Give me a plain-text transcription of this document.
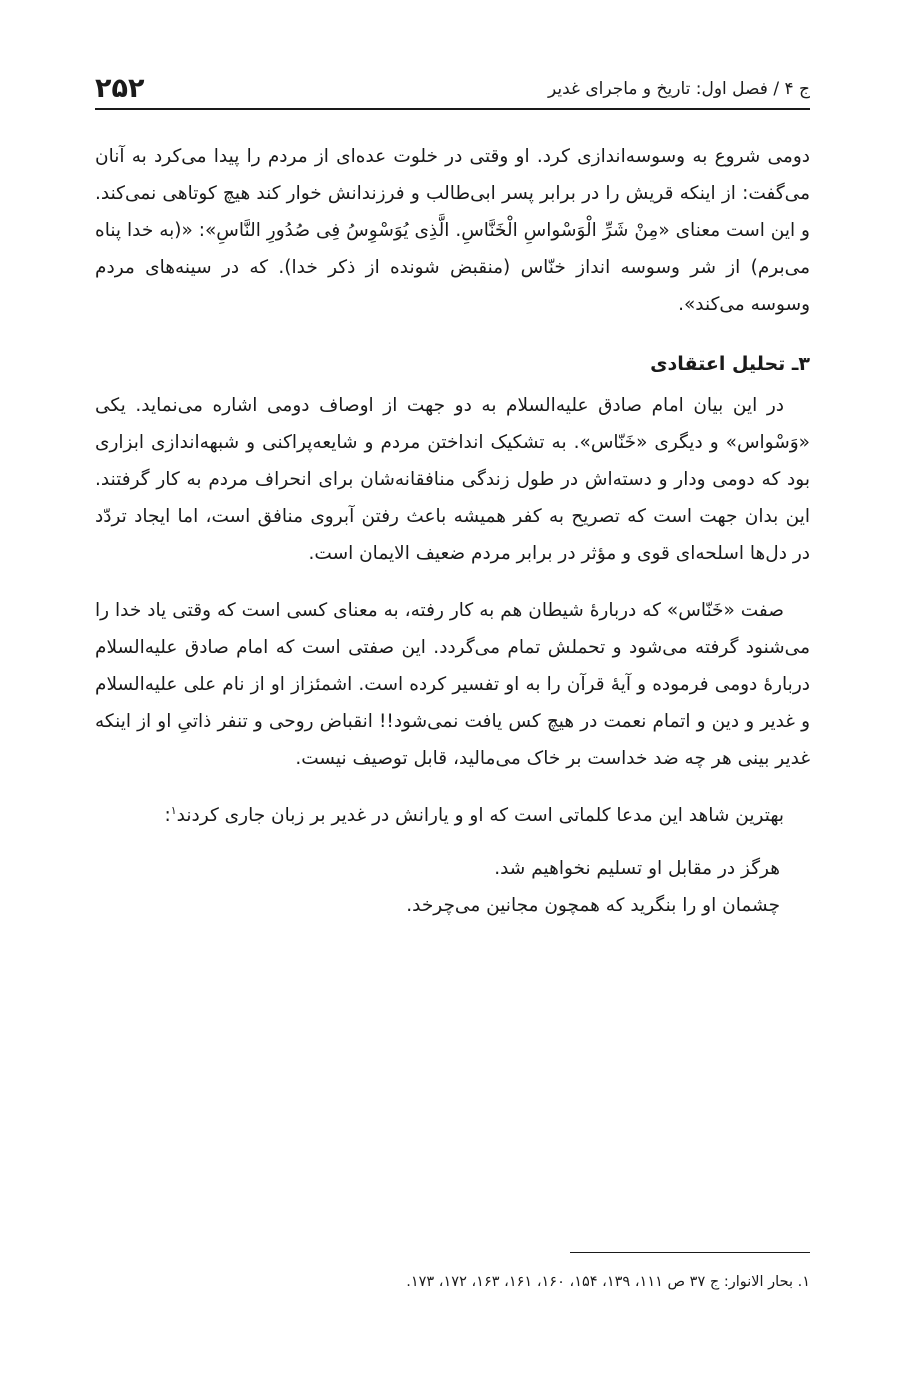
ج ۴ / فصل اول: تاریخ و ماجرای غدیر
۲۵۲

دومی شروع به وسوسه‌اندازی کرد. او وقتی در خلوت عده‌ای از مردم را پیدا می‌کرد به آنان می‌گفت: از اینکه قریش را در برابر پسر ابی‌طالب و فرزندانش خوار کند هیچ کوتاهی نمی‌کند. و این است معنای «مِنْ شَرِّ الْوَسْواسِ الْخَنَّاسِ. الَّذِی یُوَسْوِسُ فِی صُدُورِ النَّاسِ»: «(به خدا پناه می‌برم) از شر وسوسه انداز خنّاس (منقبض شونده از ذکر خدا). که در سینه‌های مردم وسوسه می‌کند».

۳ـ تحلیل اعتقادی

در این بیان امام صادق علیه‌السلام به دو جهت از اوصاف دومی اشاره می‌نماید. یکی «وَسْواس» و دیگری «خَنّاس». به تشکیک انداختن مردم و شایعه‌پراکنی و شبهه‌اندازی ابزاری بود که دومی ودار و دسته‌اش در طول زندگی منافقانه‌شان برای انحراف مردم به کار گرفتند. این بدان جهت است که تصریح به کفر همیشه باعث رفتن آبروی منافق است، اما ایجاد تردّد در دل‌ها اسلحه‌ای قوی و مؤثر در برابر مردم ضعیف الایمان است.

صفت «خَنّاس» که دربارۀ شیطان هم به کار رفته، به معنای کسی است که وقتی یاد خدا را می‌شنود گرفته می‌شود و تحملش تمام می‌گردد. این صفتی است که امام صادق علیه‌السلام دربارۀ دومی فرموده و آیۀ قرآن را به او تفسیر کرده است. اشمئزاز او از نام علی علیه‌السلام و غدیر و دین و اتمام نعمت در هیچ کس یافت نمی‌شود!! انقباض روحی و تنفر ذاتیِ او از اینکه غدیر بینی هر چه ضد خداست بر خاک می‌مالید، قابل توصیف نیست.

بهترین شاهد این مدعا کلماتی است که او و یارانش در غدیر بر زبان جاری کردند$^۱$:

هرگز در مقابل او تسلیم نخواهیم شد.
چشمان او را بنگرید که همچون مجانین می‌چرخد.
۱. بحار الانوار: ج ۳۷ ص ۱۱۱، ۱۳۹، ۱۵۴، ۱۶۰، ۱۶۱، ۱۶۳، ۱۷۲، ۱۷۳.
